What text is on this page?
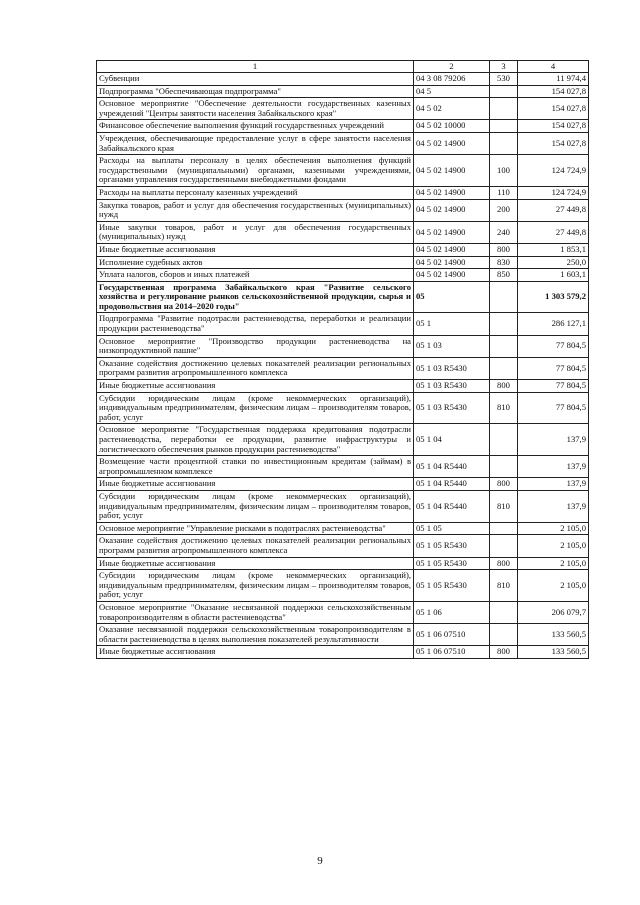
1	2	3	4
Субвенции	04 3 08 79206	530	11 974,4
Подпрограмма "Обеспечивающая подпрограмма"	04 5		154 027,8
Основное мероприятие "Обеспечение деятельности государственных казенных учреждений "Центры занятости населения Забайкальского края"	04 5 02		154 027,8
Финансовое обеспечение выполнения функций государственных учреждений	04 5 02 10000		154 027,8
Учреждения, обеспечивающие предоставление услуг в сфере занятости населения Забайкальского края	04 5 02 14900		154 027,8
Расходы на выплаты персоналу в целях обеспечения выполнения функций государственными (муниципальными) органами, казенными учреждениями, органами управления государственными внебюджетными фондами	04 5 02 14900	100	124 724,9
Расходы на выплаты персоналу казенных учреждений	04 5 02 14900	110	124 724,9
Закупка товаров, работ и услуг для обеспечения государственных (муниципальных) нужд	04 5 02 14900	200	27 449,8
Иные закупки товаров, работ и услуг для обеспечения государственных (муниципальных) нужд	04 5 02 14900	240	27 449,8
Иные бюджетные ассигнования	04 5 02 14900	800	1 853,1
Исполнение судебных актов	04 5 02 14900	830	250,0
Уплата налогов, сборов и иных платежей	04 5 02 14900	850	1 603,1
Государственная программа Забайкальского края "Развитие сельского хозяйства и регулирование рынков сельскохозяйственной продукции, сырья и продовольствия на 2014–2020 годы"	05		1 303 579,2
Подпрограмма "Развитие подотрасли растениеводства, переработки и реализации продукции растениеводства"	05 1		286 127,1
Основное мероприятие "Производство продукции растениеводства на низкопродуктивной пашне"	05 1 03		77 804,5
Оказание содействия достижению целевых показателей реализации региональных программ развития агропромышленного комплекса	05 1 03 R5430		77 804,5
Иные бюджетные ассигнования	05 1 03 R5430	800	77 804,5
Субсидии юридическим лицам (кроме некоммерческих организаций), индивидуальным предпринимателям, физическим лицам – производителям товаров, работ, услуг	05 1 03 R5430	810	77 804,5
Основное мероприятие "Государственная поддержка кредитования подотрасли растениеводства, переработки ее продукции, развитие инфраструктуры и логистического обеспечения рынков продукции растениеводства"	05 1 04		137,9
Возмещение части процентной ставки по инвестиционным кредитам (займам) в агропромышленном комплексе	05 1 04 R5440		137,9
Иные бюджетные ассигнования	05 1 04 R5440	800	137,9
Субсидии юридическим лицам (кроме некоммерческих организаций), индивидуальным предпринимателям, физическим лицам – производителям товаров, работ, услуг	05 1 04 R5440	810	137,9
Основное мероприятие "Управление рисками в подотраслях растениеводства"	05 1 05		2 105,0
Оказание содействия достижению целевых показателей реализации региональных программ развития агропромышленного комплекса	05 1 05 R5430		2 105,0
Иные бюджетные ассигнования	05 1 05 R5430	800	2 105,0
Субсидии юридическим лицам (кроме некоммерческих организаций), индивидуальным предпринимателям, физическим лицам – производителям товаров, работ, услуг	05 1 05 R5430	810	2 105,0
Основное мероприятие "Оказание несвязанной поддержки сельскохозяйственным товаропроизводителям в области растениеводства"	05 1 06		206 079,7
Оказание несвязанной поддержки сельскохозяйственным товаропроизводителям в области растениеводства в целях выполнения показателей результативности	05 1 06 07510		133 560,5
Иные бюджетные ассигнования	05 1 06 07510	800	133 560,5
9
